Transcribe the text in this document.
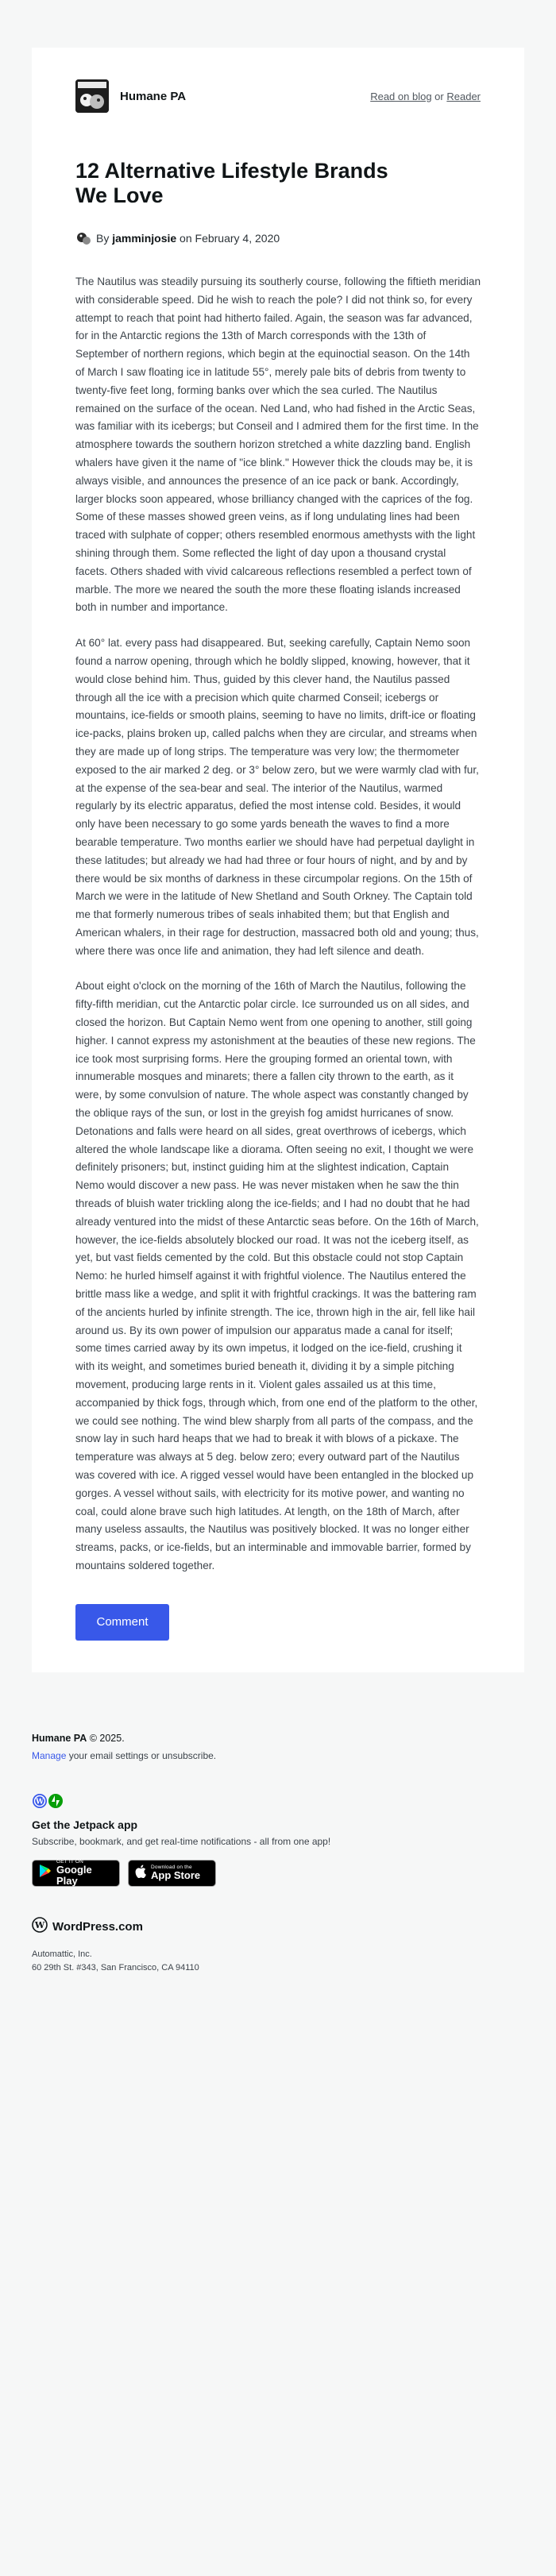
Humane PA	Read on blog or Reader
12 Alternative Lifestyle Brands We Love
By
jamminjosie
on
February 4, 2020

The Nautilus was steadily pursuing its southerly course, following the fiftieth meridian with considerable speed. Did he wish to reach the pole? I did not think so, for every attempt to reach that point had hitherto failed. Again, the season was far advanced, for in the Antarctic regions the 13th of March corresponds with the 13th of September of northern regions, which begin at the equinoctial season. On the 14th of March I saw floating ice in latitude 55°, merely pale bits of debris from twenty to twenty-five feet long, forming banks over which the sea curled. The Nautilus remained on the surface of the ocean. Ned Land, who had fished in the Arctic Seas, was familiar with its icebergs; but Conseil and I admired them for the first time. In the atmosphere towards the southern horizon stretched a white dazzling band. English whalers have given it the name of "ice blink." However thick the clouds may be, it is always visible, and announces the presence of an ice pack or bank. Accordingly, larger blocks soon appeared, whose brilliancy changed with the caprices of the fog. Some of these masses showed green veins, as if long undulating lines had been traced with sulphate of copper; others resembled enormous amethysts with the light shining through them. Some reflected the light of day upon a thousand crystal facets. Others shaded with vivid calcareous reflections resembled a perfect town of marble. The more we neared the south the more these floating islands increased both in number and importance.

At 60° lat. every pass had disappeared. But, seeking carefully, Captain Nemo soon found a narrow opening, through which he boldly slipped, knowing, however, that it would close behind him. Thus, guided by this clever hand, the Nautilus passed through all the ice with a precision which quite charmed Conseil; icebergs or mountains, ice-fields or smooth plains, seeming to have no limits, drift-ice or floating ice-packs, plains broken up, called palchs when they are circular, and streams when they are made up of long strips. The temperature was very low; the thermometer exposed to the air marked 2 deg. or 3° below zero, but we were warmly clad with fur, at the expense of the sea-bear and seal. The interior of the Nautilus, warmed regularly by its electric apparatus, defied the most intense cold. Besides, it would only have been necessary to go some yards beneath the waves to find a more bearable temperature. Two months earlier we should have had perpetual daylight in these latitudes; but already we had had three or four hours of night, and by and by there would be six months of darkness in these circumpolar regions. On the 15th of March we were in the latitude of New Shetland and South Orkney. The Captain told me that formerly numerous tribes of seals inhabited them; but that English and American whalers, in their rage for destruction, massacred both old and young; thus, where there was once life and animation, they had left silence and death.

About eight o'clock on the morning of the 16th of March the Nautilus, following the fifty-fifth meridian, cut the Antarctic polar circle. Ice surrounded us on all sides, and closed the horizon. But Captain Nemo went from one opening to another, still going higher. I cannot express my astonishment at the beauties of these new regions. The ice took most surprising forms. Here the grouping formed an oriental town, with innumerable mosques and minarets; there a fallen city thrown to the earth, as it were, by some convulsion of nature. The whole aspect was constantly changed by the oblique rays of the sun, or lost in the greyish fog amidst hurricanes of snow. Detonations and falls were heard on all sides, great overthrows of icebergs, which altered the whole landscape like a diorama. Often seeing no exit, I thought we were definitely prisoners; but, instinct guiding him at the slightest indication, Captain Nemo would discover a new pass. He was never mistaken when he saw the thin threads of bluish water trickling along the ice-fields; and I had no doubt that he had already ventured into the midst of these Antarctic seas before. On the 16th of March, however, the ice-fields absolutely blocked our road. It was not the iceberg itself, as yet, but vast fields cemented by the cold. But this obstacle could not stop Captain Nemo: he hurled himself against it with frightful violence. The Nautilus entered the brittle mass like a wedge, and split it with frightful crackings. It was the battering ram of the ancients hurled by infinite strength. The ice, thrown high in the air, fell like hail around us. By its own power of impulsion our apparatus made a canal for itself; some times carried away by its own impetus, it lodged on the ice-field, crushing it with its weight, and sometimes buried beneath it, dividing it by a simple pitching movement, producing large rents in it. Violent gales assailed us at this time, accompanied by thick fogs, through which, from one end of the platform to the other, we could see nothing. The wind blew sharply from all parts of the compass, and the snow lay in such hard heaps that we had to break it with blows of a pickaxe. The temperature was always at 5 deg. below zero; every outward part of the Nautilus was covered with ice. A rigged vessel would have been entangled in the blocked up gorges. A vessel without sails, with electricity for its motive power, and wanting no coal, could alone brave such high latitudes. At length, on the 18th of March, after many useless assaults, the Nautilus was positively blocked. It was no longer either streams, packs, or ice-fields, but an interminable and immovable barrier, formed by mountains soldered together.

Comment
Humane PA © 2025.
Manage your email settings or unsubscribe.
W
Get the Jetpack app
Subscribe, bookmark, and get real-time notifications - all from one app!
GET IT ON
Google Play
Download on the
App Store
W WordPress.com
Automattic, Inc.
60 29th St. #343, San Francisco, CA 94110
